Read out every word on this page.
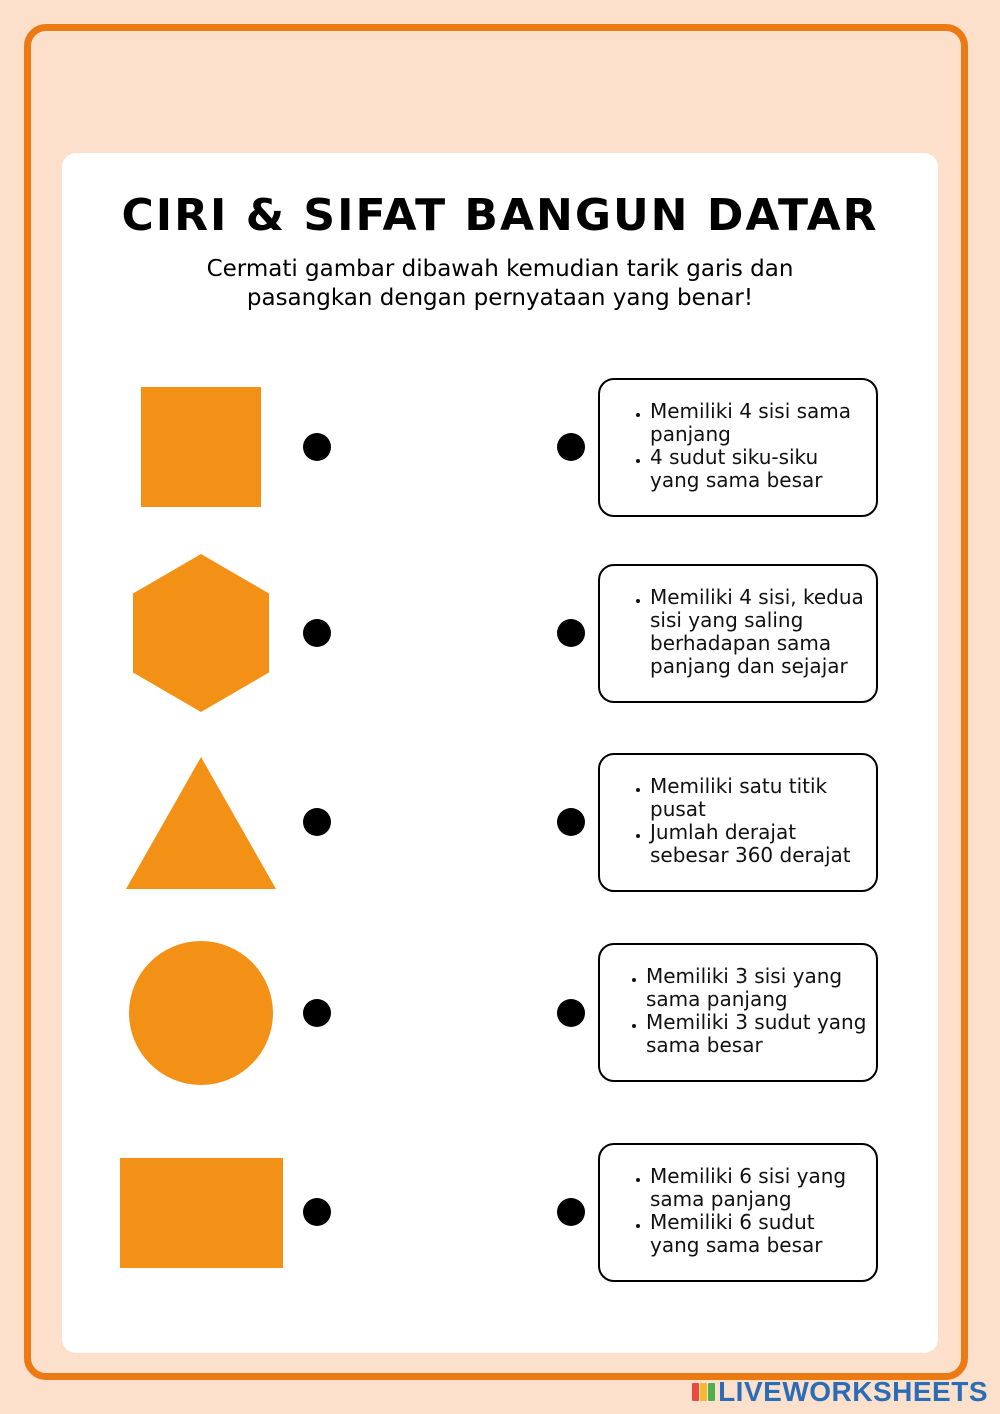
CIRI & SIFAT BANGUN DATAR

Cermati gambar dibawah kemudian tarik garis dan pasangkan dengan pernyataan yang benar!

• Memiliki 4 sisi sama panjang
• 4 sudut siku-siku yang sama besar
• Memiliki 4 sisi, kedua sisi yang saling berhadapan sama panjang dan sejajar
• Memiliki satu titik pusat
• Jumlah derajat sebesar 360 derajat
• Memiliki 3 sisi yang sama panjang
• Memiliki 3 sudut yang sama besar
• Memiliki 6 sisi yang sama panjang
• Memiliki 6 sudut yang sama besar
LIVEWORKSHEETS
